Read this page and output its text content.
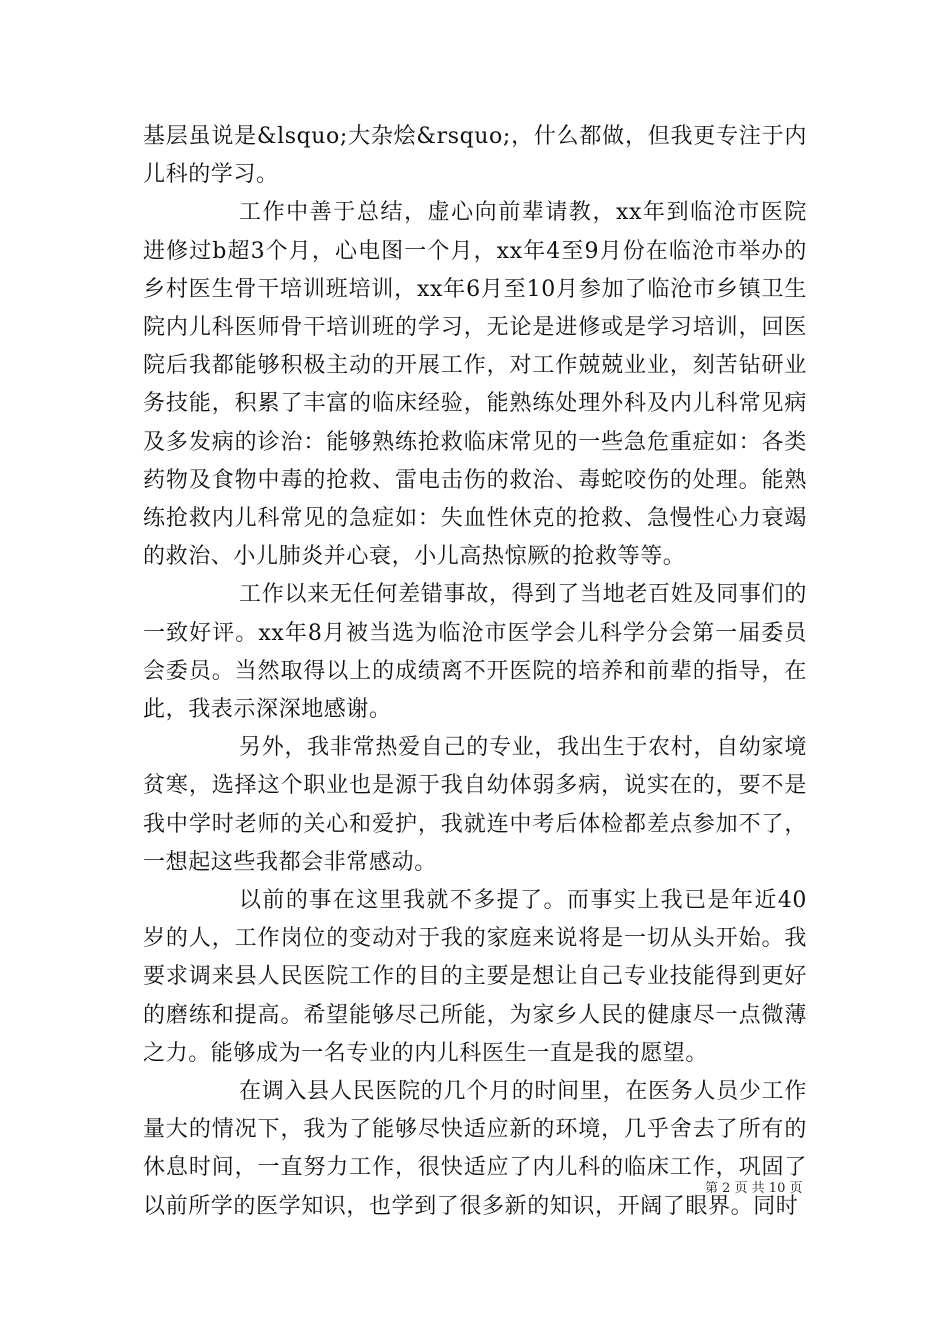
基层虽说是&lsquo;大杂烩&rsquo;，什么都做，但我更专注于内儿科的学习。

工作中善于总结，虚心向前辈请教，xx年到临沧市医院进修过b超3个月，心电图一个月，xx年4至9月份在临沧市举办的乡村医生骨干培训班培训，xx年6月至10月参加了临沧市乡镇卫生院内儿科医师骨干培训班的学习，无论是进修或是学习培训，回医院后我都能够积极主动的开展工作，对工作兢兢业业，刻苦钻研业务技能，积累了丰富的临床经验，能熟练处理外科及内儿科常见病及多发病的诊治：能够熟练抢救临床常见的一些急危重症如：各类药物及食物中毒的抢救、雷电击伤的救治、毒蛇咬伤的处理。能熟练抢救内儿科常见的急症如：失血性休克的抢救、急慢性心力衰竭的救治、小儿肺炎并心衰，小儿高热惊厥的抢救等等。

工作以来无任何差错事故，得到了当地老百姓及同事们的一致好评。xx年8月被当选为临沧市医学会儿科学分会第一届委员会委员。当然取得以上的成绩离不开医院的培养和前辈的指导，在此，我表示深深地感谢。

另外，我非常热爱自己的专业，我出生于农村，自幼家境贫寒，选择这个职业也是源于我自幼体弱多病，说实在的，要不是我中学时老师的关心和爱护，我就连中考后体检都差点参加不了，一想起这些我都会非常感动。

以前的事在这里我就不多提了。而事实上我已是年近40岁的人，工作岗位的变动对于我的家庭来说将是一切从头开始。我要求调来县人民医院工作的目的主要是想让自己专业技能得到更好的磨练和提高。希望能够尽己所能，为家乡人民的健康尽一点微薄之力。能够成为一名专业的内儿科医生一直是我的愿望。

在调入县人民医院的几个月的时间里，在医务人员少工作量大的情况下，我为了能够尽快适应新的环境，几乎舍去了所有的休息时间，一直努力工作，很快适应了内儿科的临床工作，巩固了以前所学的医学知识，也学到了很多新的知识，开阔了眼界。同时

第 2 页 共 10 页
